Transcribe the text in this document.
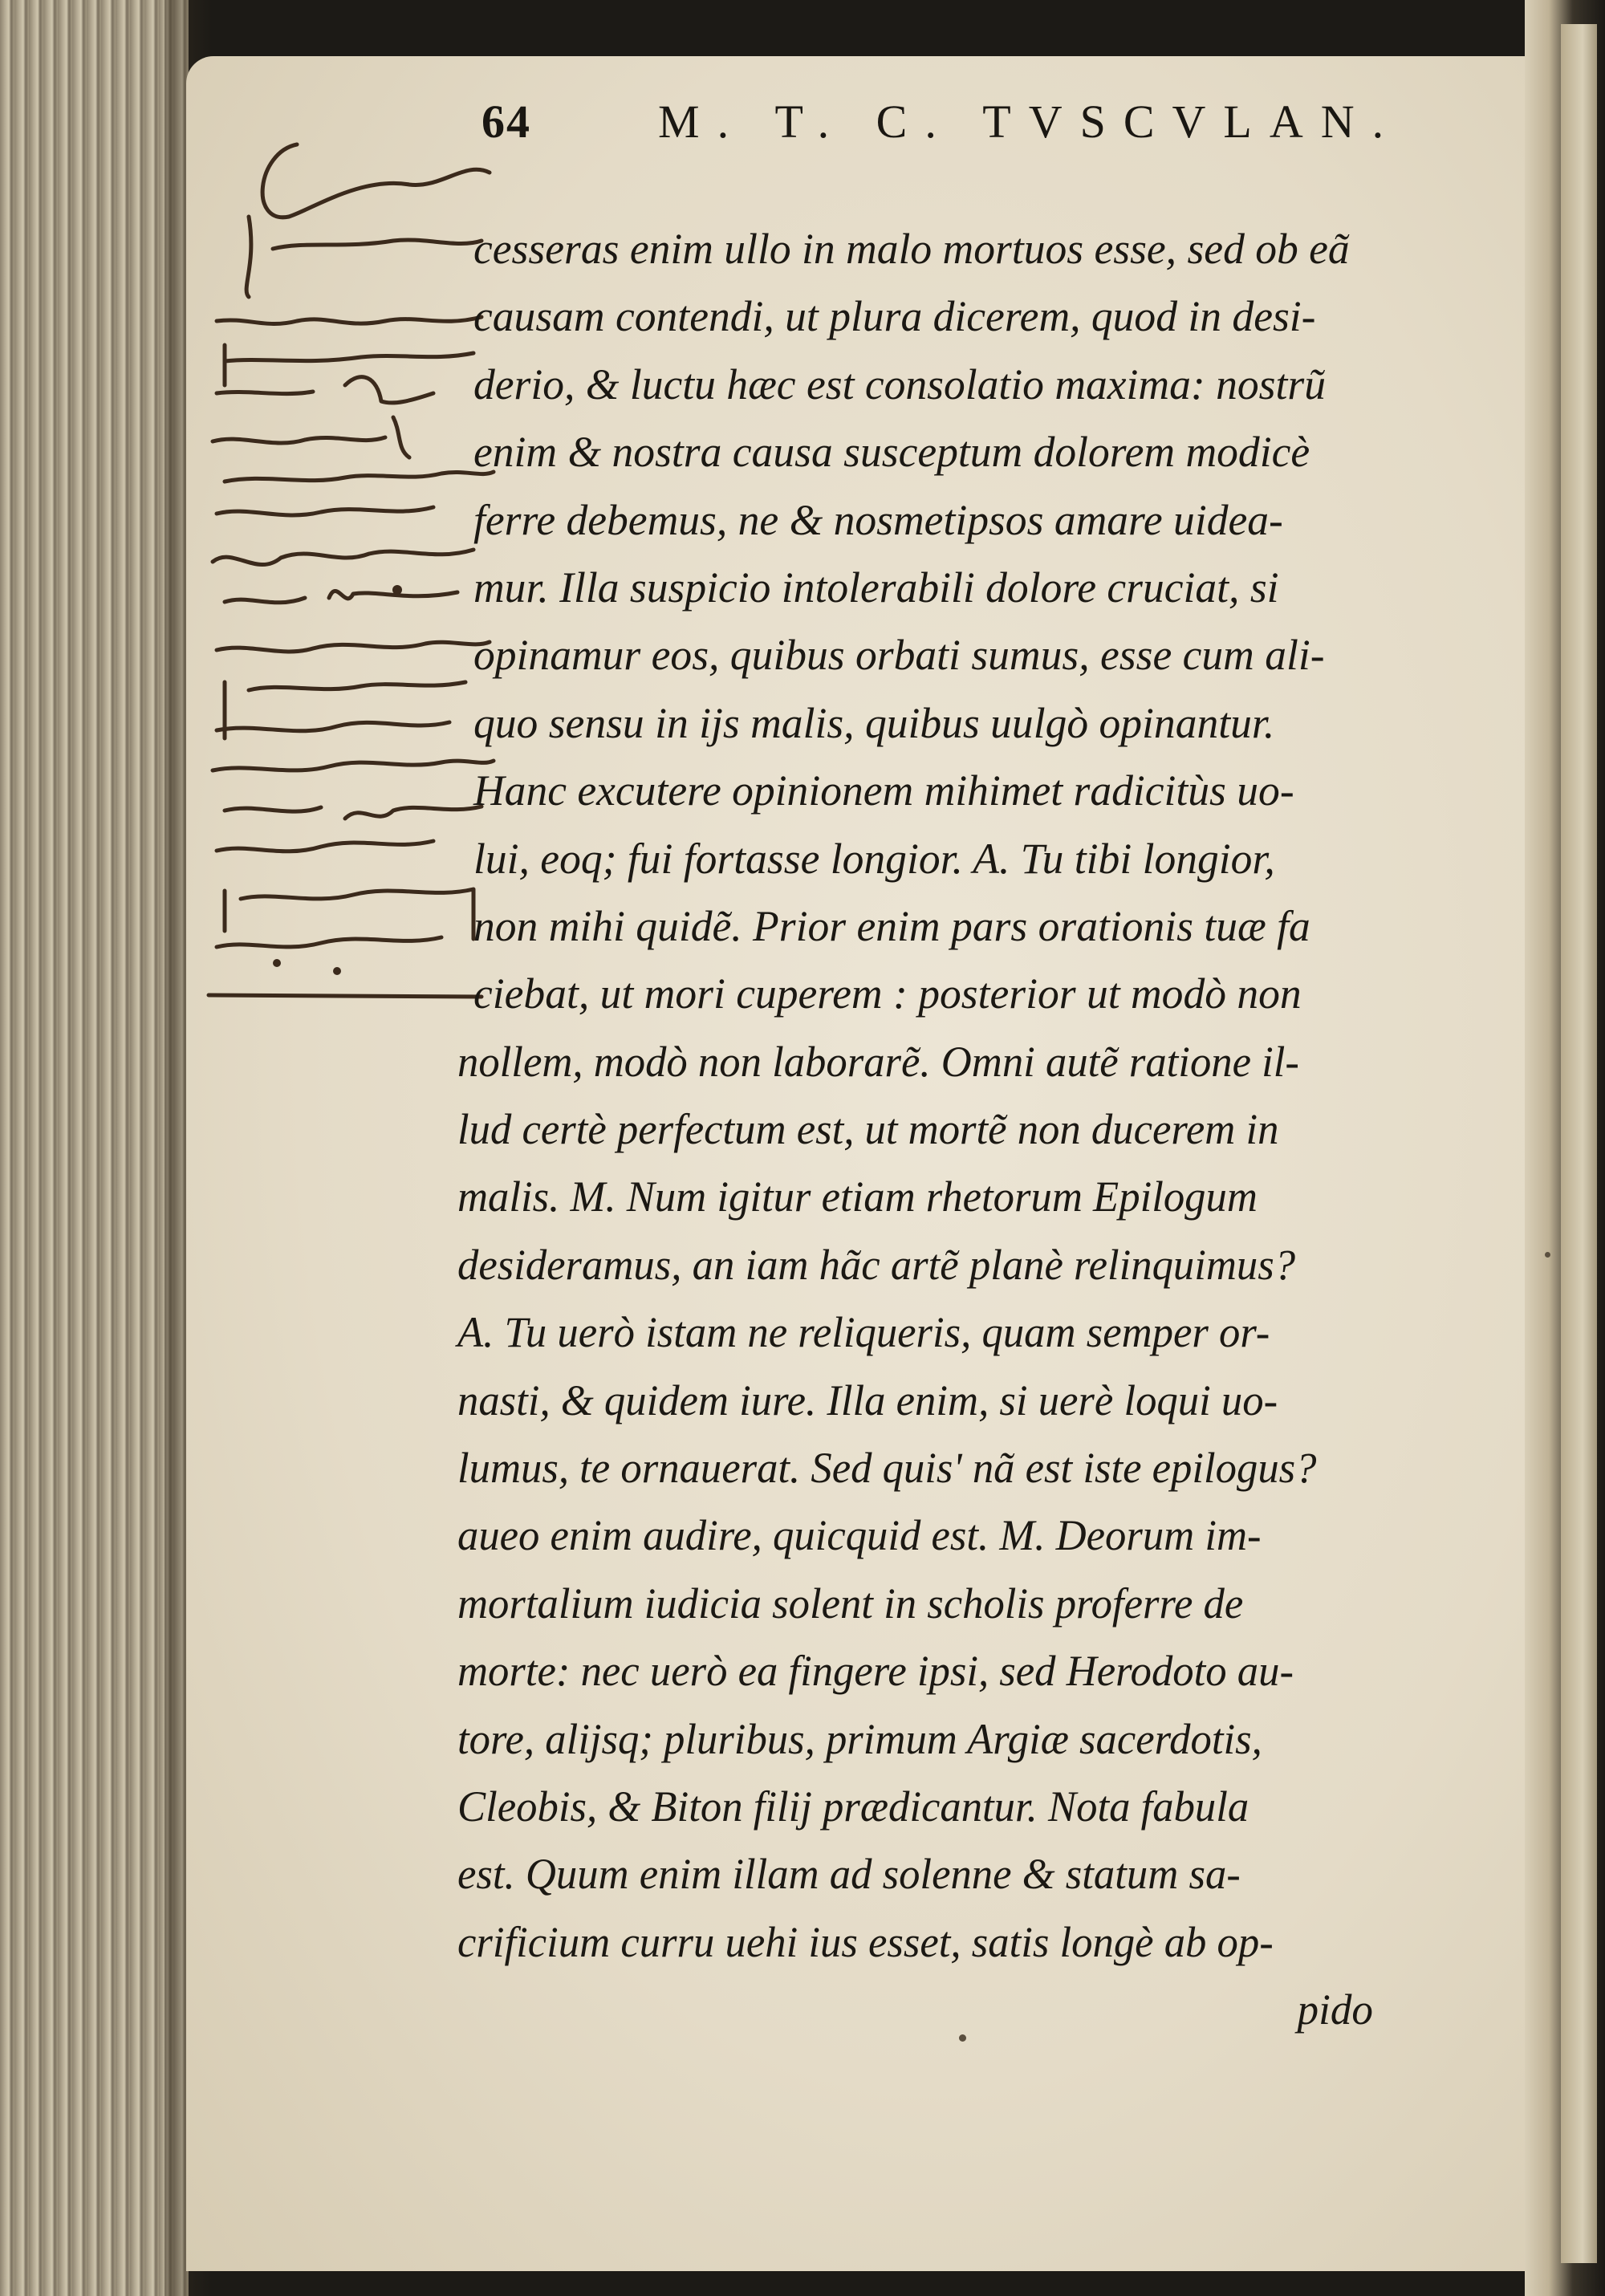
64	M. T. C. TVSCVLAN.
cesseras enim ullo in malo mortuos esse, sed ob eã
causam contendi, ut plura dicerem, quod in desi-
derio, & luctu hæc est consolatio maxima: nostrũ
enim & nostra causa susceptum dolorem modicè
ferre debemus, ne & nosmetipsos amare uidea-
mur. Illa suspicio intolerabili dolore cruciat, si
opinamur eos, quibus orbati sumus, esse cum ali-
quo sensu in ijs malis, quibus uulgò opinantur.
Hanc excutere opinionem mihimet radicitùs uo-
lui, eoq; fui fortasse longior. A. Tu tibi longior,
non mihi quidẽ. Prior enim pars orationis tuæ fa
ciebat, ut mori cuperem : posterior ut modò non
nollem, modò non laborarẽ. Omni autẽ ratione il-
lud certè perfectum est, ut mortẽ non ducerem in
malis. M. Num igitur etiam rhetorum Epilogum
desideramus, an iam hãc artẽ planè relinquimus?
A. Tu uerò istam ne reliqueris, quam semper or-
nasti, & quidem iure. Illa enim, si uerè loqui uo-
lumus, te ornauerat. Sed quis' nã est iste epilogus?
aueo enim audire, quicquid est. M. Deorum im-
mortalium iudicia solent in scholis proferre de
morte: nec uerò ea fingere ipsi, sed Herodoto au-
tore, alijsq; pluribus, primum Argiæ sacerdotis,
Cleobis, & Biton filij prædicantur. Nota fabula
est. Quum enim illam ad solenne & statum sa-
crificium curru uehi ius esset, satis longè ab op-
pido
